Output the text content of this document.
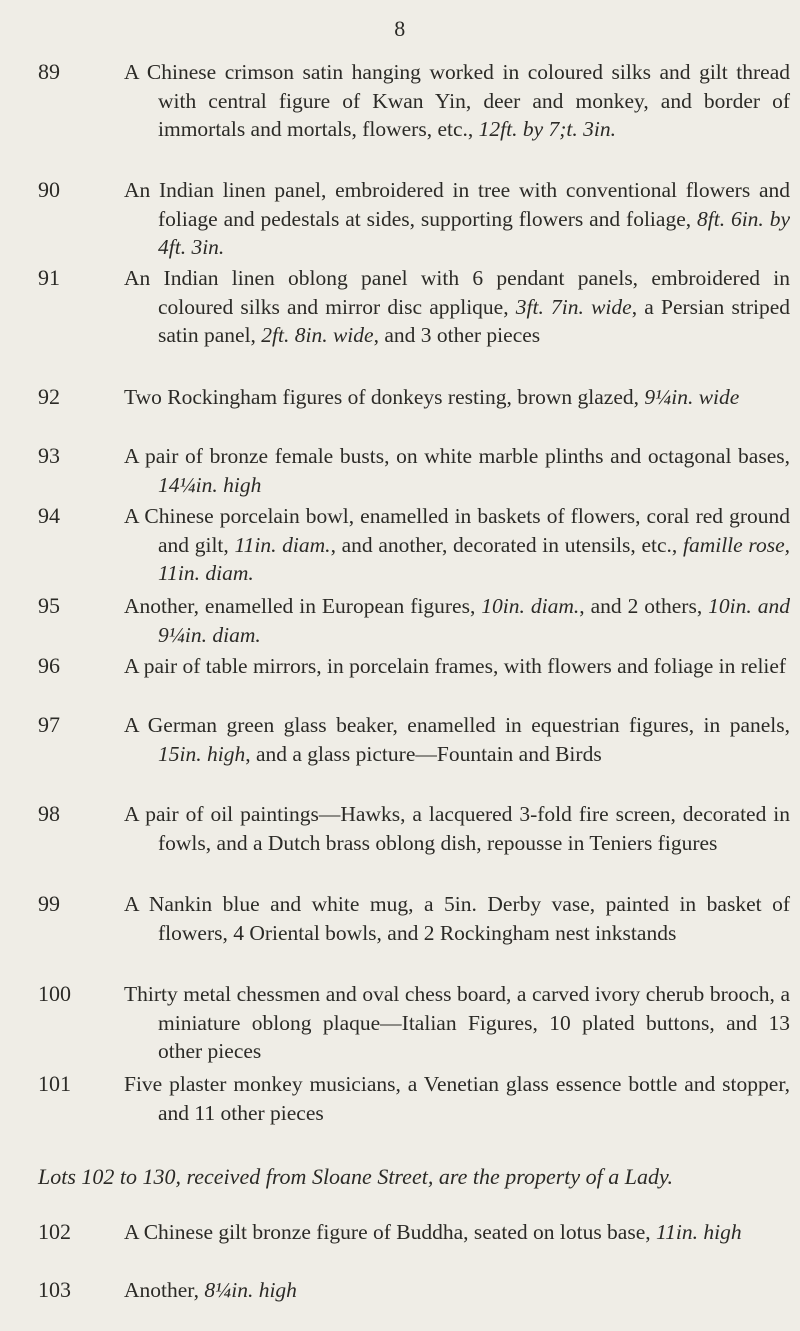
8
89	A Chinese crimson satin hanging worked in coloured silks and gilt thread with central figure of Kwan Yin, deer and monkey, and border of immortals and mortals, flowers, etc., 12ft. by 7;t. 3in.
90	An Indian linen panel, embroidered in tree with conventional flowers and foliage and pedestals at sides, supporting flowers and foliage, 8ft. 6in. by 4ft. 3in.
91	An Indian linen oblong panel with 6 pendant panels, embroidered in coloured silks and mirror disc applique, 3ft. 7in. wide, a Persian striped satin panel, 2ft. 8in. wide, and 3 other pieces
92	Two Rockingham figures of donkeys resting, brown glazed, 9¼in. wide
93	A pair of bronze female busts, on white marble plinths and octagonal bases, 14¼in. high
94	A Chinese porcelain bowl, enamelled in baskets of flowers, coral red ground and gilt, 11in. diam., and another, decorated in utensils, etc., famille rose, 11in. diam.
95	Another, enamelled in European figures, 10in. diam., and 2 others, 10in. and 9¼in. diam.
96	A pair of table mirrors, in porcelain frames, with flowers and foliage in relief
97	A German green glass beaker, enamelled in equestrian figures, in panels, 15in. high, and a glass picture—Fountain and Birds
98	A pair of oil paintings—Hawks, a lacquered 3-fold fire screen, decorated in fowls, and a Dutch brass oblong dish, repousse in Teniers figures
99	A Nankin blue and white mug, a 5in. Derby vase, painted in basket of flowers, 4 Oriental bowls, and 2 Rockingham nest inkstands
100	Thirty metal chessmen and oval chess board, a carved ivory cherub brooch, a miniature oblong plaque—Italian Figures, 10 plated buttons, and 13 other pieces
101	Five plaster monkey musicians, a Venetian glass essence bottle and stopper, and 11 other pieces
Lots 102 to 130, received from Sloane Street, are the property of a Lady.
102	A Chinese gilt bronze figure of Buddha, seated on lotus base, 11in. high
103	Another, 8¼in. high
